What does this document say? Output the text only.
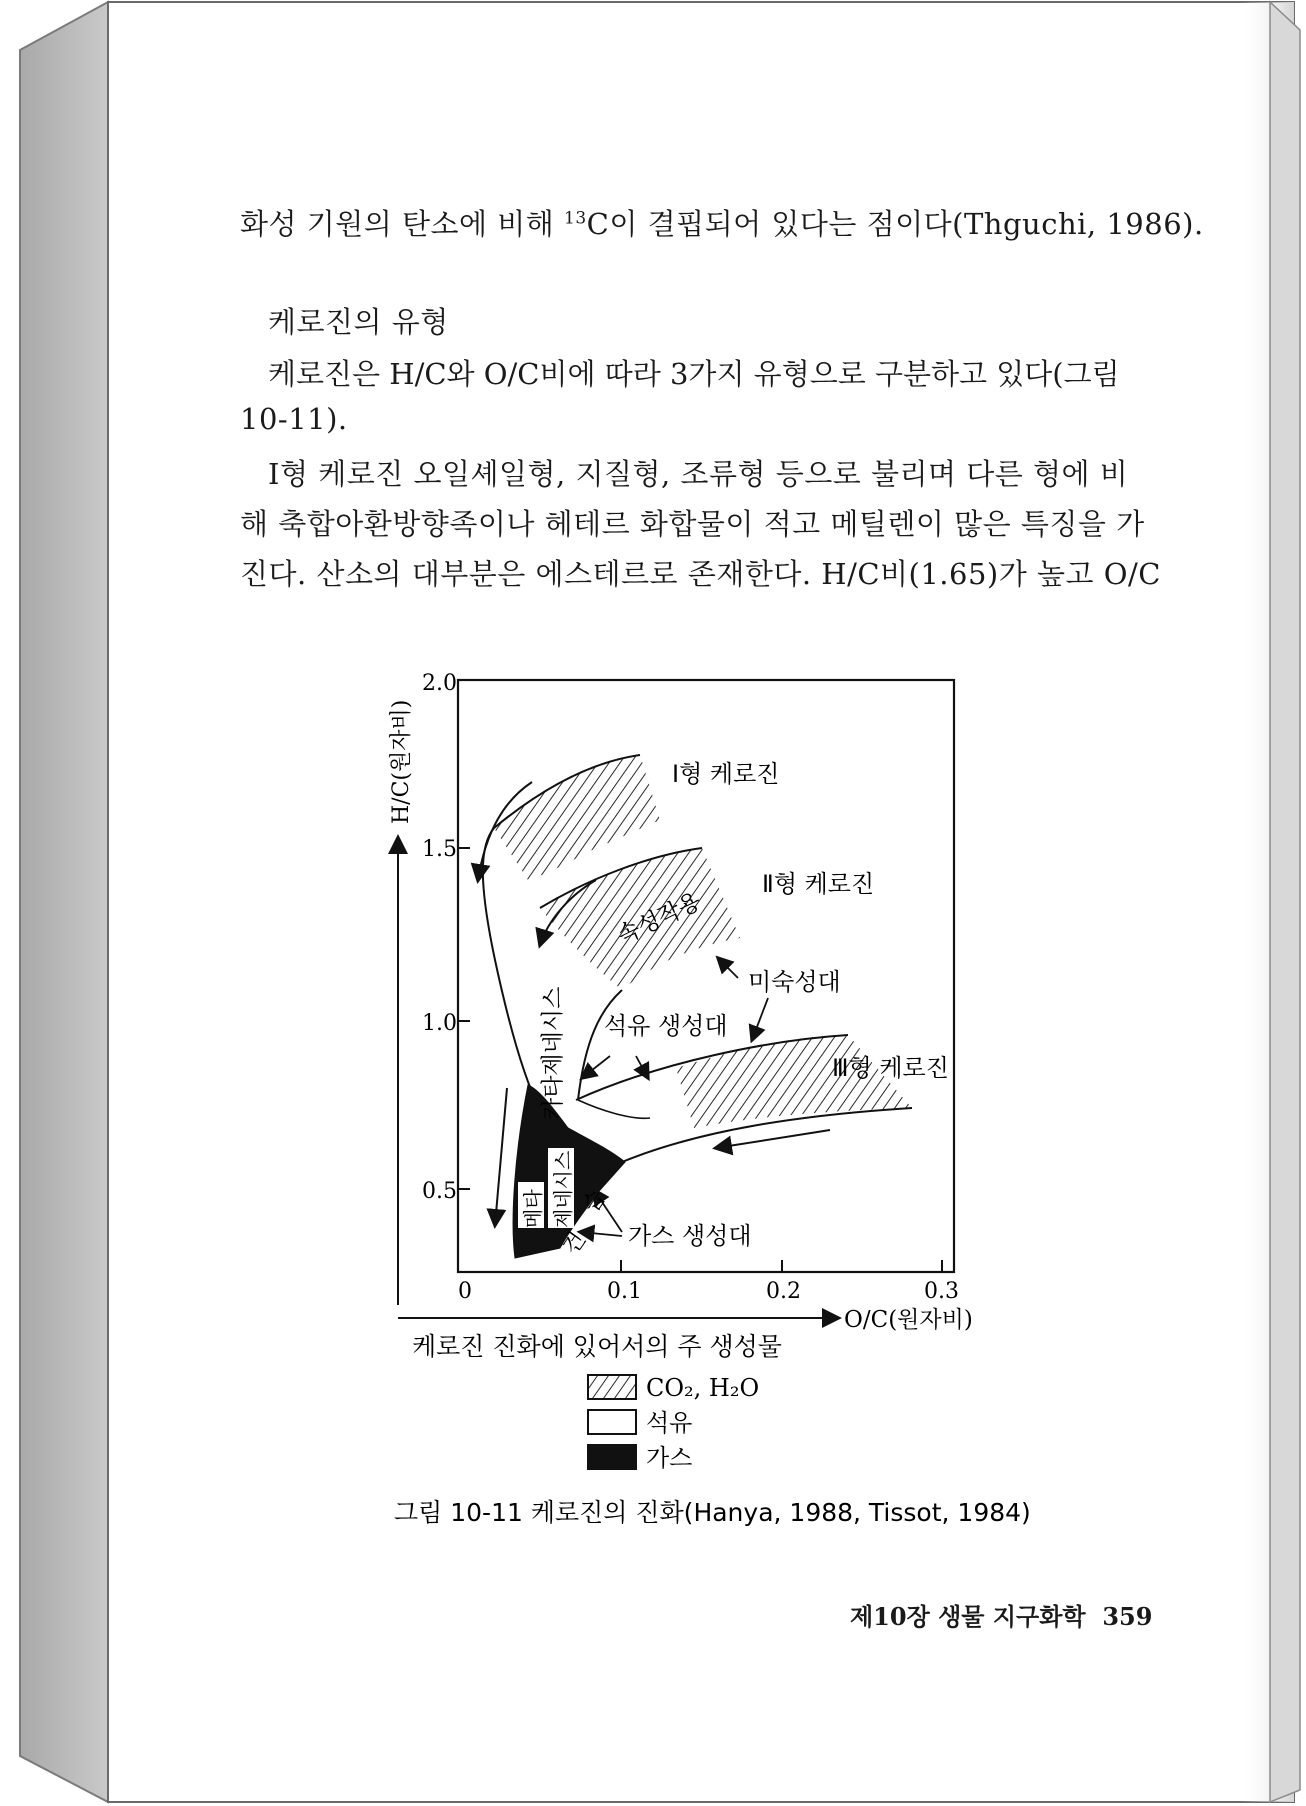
화성 기원의 탄소에 비해 $^{13}$C이 결핍되어 있다는 점이다(Thguchi, 1986).
케로진의 유형
케로진은 H/C와 O/C비에 따라 3가지 유형으로 구분하고 있다(그림
10-11).
Ⅰ형 케로진 오일셰일형, 지질형, 조류형 등으로 불리며 다른 형에 비
해 축합아환방향족이나 헤테르 화합물이 적고 메틸렌이 많은 특징을 가
진다. 산소의 대부분은 에스테르로 존재한다. H/C비(1.65)가 높고 O/C
2.0
1.5
1.0
0.5
0	0.1	0.2	0.3
H/C(원자비)
O/C(원자비)
Ⅰ형 케로진
Ⅱ형 케로진
Ⅲ형 케로진
속성작용
미숙성대
석유 생성대
카타제네시스
메타 제네시스 습
건 가스 생성대
케로진 진화에 있어서의 주 생성물
CO₂, H₂O
석유
가스
그림 10-11 케로진의 진화(Hanya, 1988, Tissot, 1984)
제10장 생물 지구화학 359
